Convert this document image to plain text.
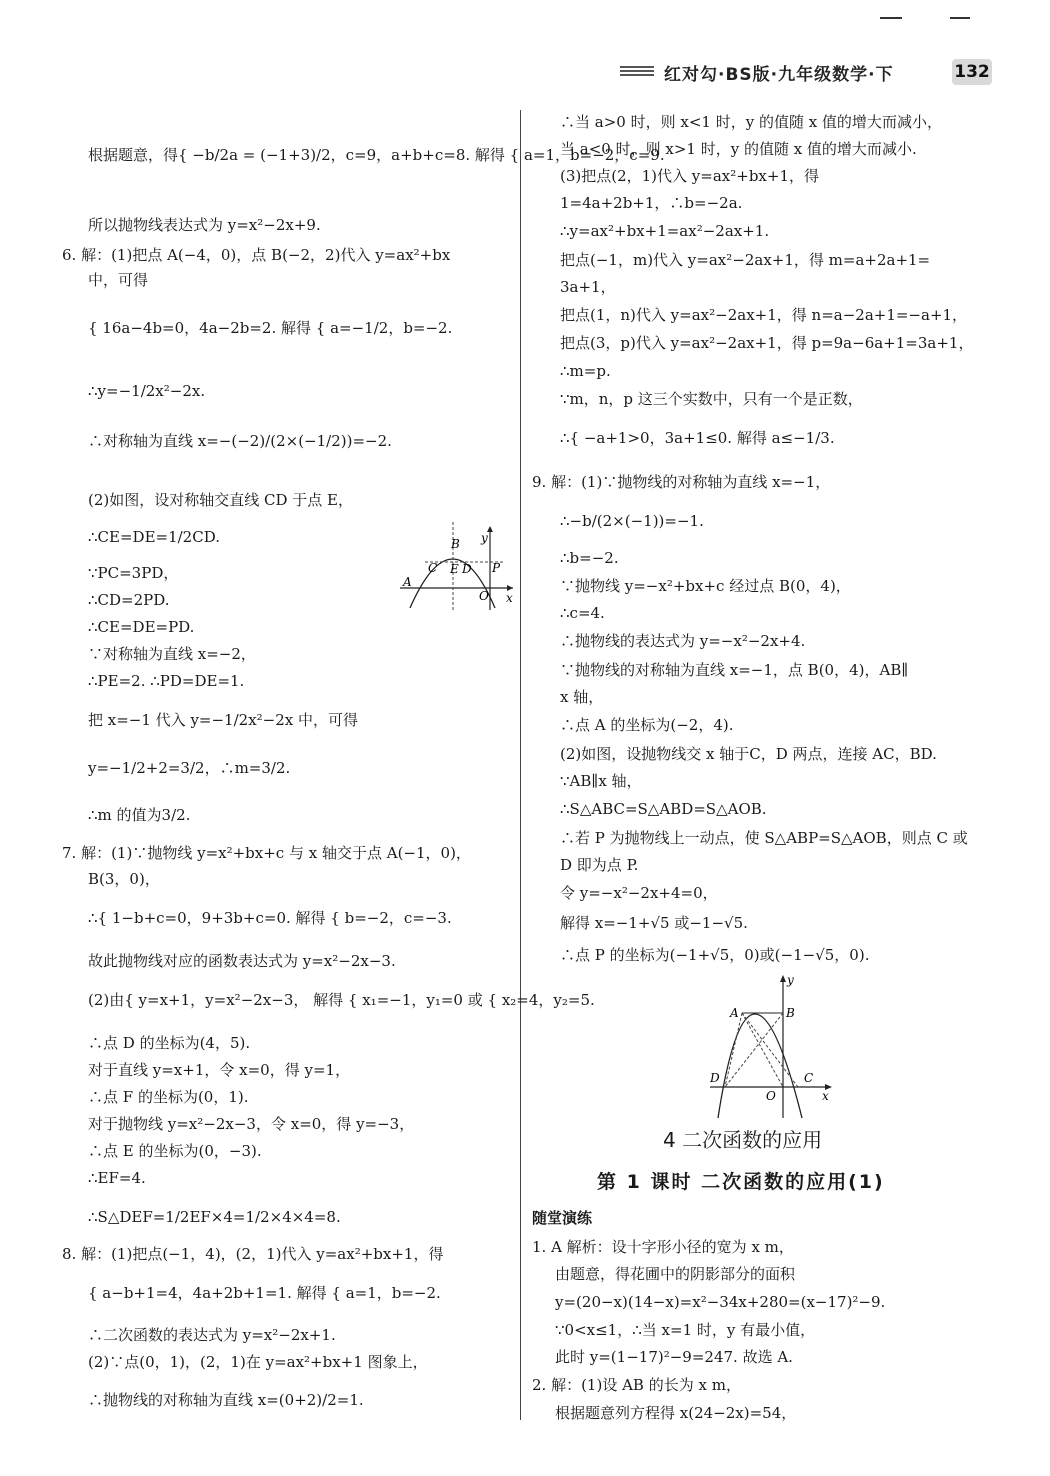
红对勾·BS版·九年级数学·下	132
根据题意，得{ −b/2a = (−1+3)/2，c=9，a+b+c=8. 解得 { a=1，b=−2，c=9.
所以抛物线表达式为 y=x²−2x+9.
6. 解：(1)把点 A(−4，0)，点 B(−2，2)代入 y=ax²+bx
中，可得
{ 16a−4b=0，4a−2b=2. 解得 { a=−1/2，b=−2.
∴y=−1/2x²−2x.
∴对称轴为直线 x=−(−2)/(2×(−1/2))=−2.
(2)如图，设对称轴交直线 CD 于点 E，
∴CE=DE=1/2CD.
∵PC=3PD，
∴CD=2PD.
∴CE=DE=PD.
∵对称轴为直线 x=−2，
∴PE=2. ∴PD=DE=1.
把 x=−1 代入 y=−1/2x²−2x 中，可得
y=−1/2+2=3/2，∴m=3/2.
∴m 的值为3/2.
7. 解：(1)∵抛物线 y=x²+bx+c 与 x 轴交于点 A(−1，0)，
B(3，0)，
∴{ 1−b+c=0，9+3b+c=0. 解得 { b=−2，c=−3.
故此抛物线对应的函数表达式为 y=x²−2x−3.
(2)由{ y=x+1，y=x²−2x−3， 解得 { x₁=−1，y₁=0 或 { x₂=4，y₂=5.
∴点 D 的坐标为(4，5).
对于直线 y=x+1，令 x=0，得 y=1，
∴点 F 的坐标为(0，1).
对于抛物线 y=x²−2x−3，令 x=0，得 y=−3，
∴点 E 的坐标为(0，−3).
∴EF=4.
∴S△DEF=1/2EF×4=1/2×4×4=8.
8. 解：(1)把点(−1，4)，(2，1)代入 y=ax²+bx+1，得
{ a−b+1=4，4a+2b+1=1. 解得 { a=1，b=−2.
∴二次函数的表达式为 y=x²−2x+1.
(2)∵点(0，1)，(2，1)在 y=ax²+bx+1 图象上，
∴抛物线的对称轴为直线 x=(0+2)/2=1.
A
C E D P
B y
O x
∴当 a>0 时，则 x<1 时，y 的值随 x 值的增大而减小，
当 a<0 时，则 x>1 时，y 的值随 x 值的增大而减小.
(3)把点(2，1)代入 y=ax²+bx+1，得
1=4a+2b+1，∴b=−2a.
∴y=ax²+bx+1=ax²−2ax+1.
把点(−1，m)代入 y=ax²−2ax+1，得 m=a+2a+1=
3a+1，
把点(1，n)代入 y=ax²−2ax+1，得 n=a−2a+1=−a+1，
把点(3，p)代入 y=ax²−2ax+1，得 p=9a−6a+1=3a+1，
∴m=p.
∵m，n，p 这三个实数中，只有一个是正数，
∴{ −a+1>0，3a+1≤0. 解得 a≤−1/3.
9. 解：(1)∵抛物线的对称轴为直线 x=−1，
∴−b/(2×(−1))=−1.
∴b=−2.
∵抛物线 y=−x²+bx+c 经过点 B(0，4)，
∴c=4.
∴抛物线的表达式为 y=−x²−2x+4.
∵抛物线的对称轴为直线 x=−1，点 B(0，4)，AB∥
x 轴，
∴点 A 的坐标为(−2，4).
(2)如图，设抛物线交 x 轴于C，D 两点，连接 AC，BD.
∵AB∥x 轴，
∴S△ABC=S△ABD=S△AOB.
∴若 P 为抛物线上一动点，使 S△ABP=S△AOB，则点 C 或
D 即为点 P.
令 y=−x²−2x+4=0，
解得 x=−1+√5 或−1−√5.
∴点 P 的坐标为(−1+√5，0)或(−1−√5，0).
y
A	B
D	C
O	x
4 二次函数的应用
第 1 课时 二次函数的应用(1)
随堂演练
1. A 解析：设十字形小径的宽为 x m，
由题意，得花圃中的阴影部分的面积
y=(20−x)(14−x)=x²−34x+280=(x−17)²−9.
∵0<x≤1，∴当 x=1 时，y 有最小值，
此时 y=(1−17)²−9=247. 故选 A.
2. 解：(1)设 AB 的长为 x m，
根据题意列方程得 x(24−2x)=54，
